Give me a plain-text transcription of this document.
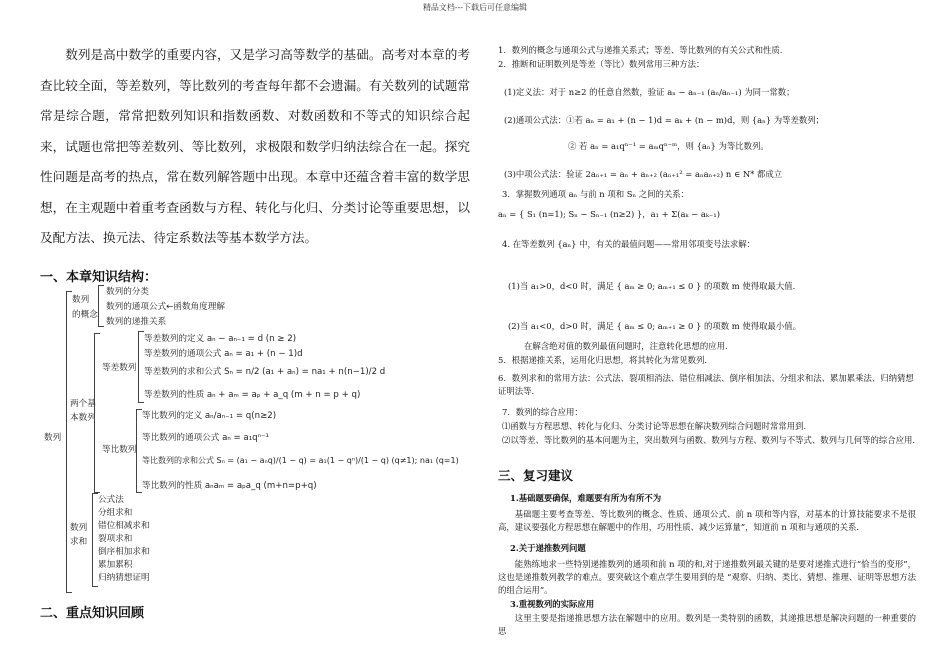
精品文档---下载后可任意编辑

数列是高中数学的重要内容，又是学习高等数学的基础。高考对本章的考查比较全面，等差数列，等比数列的考查每年都不会遗漏。有关数列的试题常常是综合题，常常把数列知识和指数函数、对数函数和不等式的知识综合起来，试题也常把等差数列、等比数列，求极限和数学归纳法综合在一起。探究性问题是高考的热点，常在数列解答题中出现。本章中还蕴含着丰富的数学思想，在主观题中着重考查函数与方程、转化与化归、分类讨论等重要思想，以及配方法、换元法、待定系数法等基本数学方法。

一、本章知识结构：
数列
数列
的概念
数列的分类
数列的通项公式←函数角度理解
数列的递推关系
两个基
本数列
等差数列
等差数列的定义 aₙ − aₙ₋₁ = d (n ≥ 2)
等差数列的通项公式 aₙ = a₁ + (n − 1)d
等差数列的求和公式 Sₙ = n/2 (a₁ + aₙ) = na₁ + n(n−1)/2 d
等差数列的性质 aₙ + aₘ = aₚ + a_q (m + n = p + q)
等比数列
等比数列的定义 aₙ/aₙ₋₁ = q(n≥2)
等比数列的通项公式 aₙ = a₁qⁿ⁻¹
等比数列的求和公式 Sₙ = (a₁ − aₙq)/(1 − q) = a₁(1 − qⁿ)/(1 − q) (q≠1); na₁ (q=1)
等比数列的性质 aₙaₘ = aₚa_q (m+n=p+q)
数列
求和
公式法
分组求和
错位相减求和
裂项求和
倒序相加求和
累加累积
归纳猜想证明
二、重点知识回顾
1．数列的概念与通项公式与递推关系式；等差、等比数列的有关公式和性质.
2．推断和证明数列是等差（等比）数列常用三种方法：
(1)定义法：对于 n≥2 的任意自然数，验证 aₙ − aₙ₋₁ (aₙ/aₙ₋₁) 为同一常数；
(2)通项公式法：①若 aₙ = a₁ + (n − 1)d = aₖ + (n − m)d，则 {aₙ} 为等差数列；
② 若 aₙ = a₁qⁿ⁻¹ = aₘqⁿ⁻ᵐ，则 {aₙ} 为等比数列。
(3)中项公式法：验证 2aₙ₊₁ = aₙ + aₙ₊₂ (aₙ₊₁² = aₙaₙ₊₂) n ∈ N* 都成立
3．掌握数列通项 aₙ 与前 n 项和 Sₙ 之间的关系：
aₙ = { S₁ (n=1); Sₙ − Sₙ₋₁ (n≥2) }，a₁ + Σ(aₖ − aₖ₋₁)
4. 在等差数列 {aₙ} 中，有关的最值问题——常用邻项变号法求解：
(1)当 a₁>0，d<0 时，满足 { aₘ ≥ 0; aₘ₊₁ ≤ 0 } 的项数 m 使得取最大值.
(2)当 a₁<0，d>0 时，满足 { aₘ ≤ 0; aₘ₊₁ ≥ 0 } 的项数 m 使得取最小值。
在解含绝对值的数列最值问题时，注意转化思想的应用.
5．根据递推关系，运用化归思想，将其转化为常见数列.
6．数列求和的常用方法：公式法、裂项相消法、错位相减法、倒序相加法、分组求和法、累加累乘法、归纳猜想证明法等.
7．数列的综合应用：
⑴函数与方程思想、转化与化归、分类讨论等思想在解决数列综合问题时常常用到.
⑵以等差、等比数列的基本问题为主，突出数列与函数、数列与方程、数列与不等式、数列与几何等的综合应用.
三、复习建议
1.基础题要确保，难题要有所为有所不为
基础题主要考查等差、等比数列的概念、性质、通项公式、前 n 项和等内容，对基本的计算技能要求不是很高，建议要强化方程思想在解题中的作用，巧用性质、减少运算量”，知道前 n 项和与通项的关系.
2.关于递推数列问题
能熟练地求一些特别递推数列的通项和前 n 项的和,对于递推数列最关键的是要对递推式进行“恰当的变形”，这也是递推数列教学的难点。要突破这个难点学生要用到的是 “观察、归纳、类比、猜想、推理、证明等思想方法的组合运用”。
3.重视数列的实际应用
这里主要是指递推思想方法在解题中的应用。数列是一类特别的函数，其递推思想是解决问题的一种重要的思
